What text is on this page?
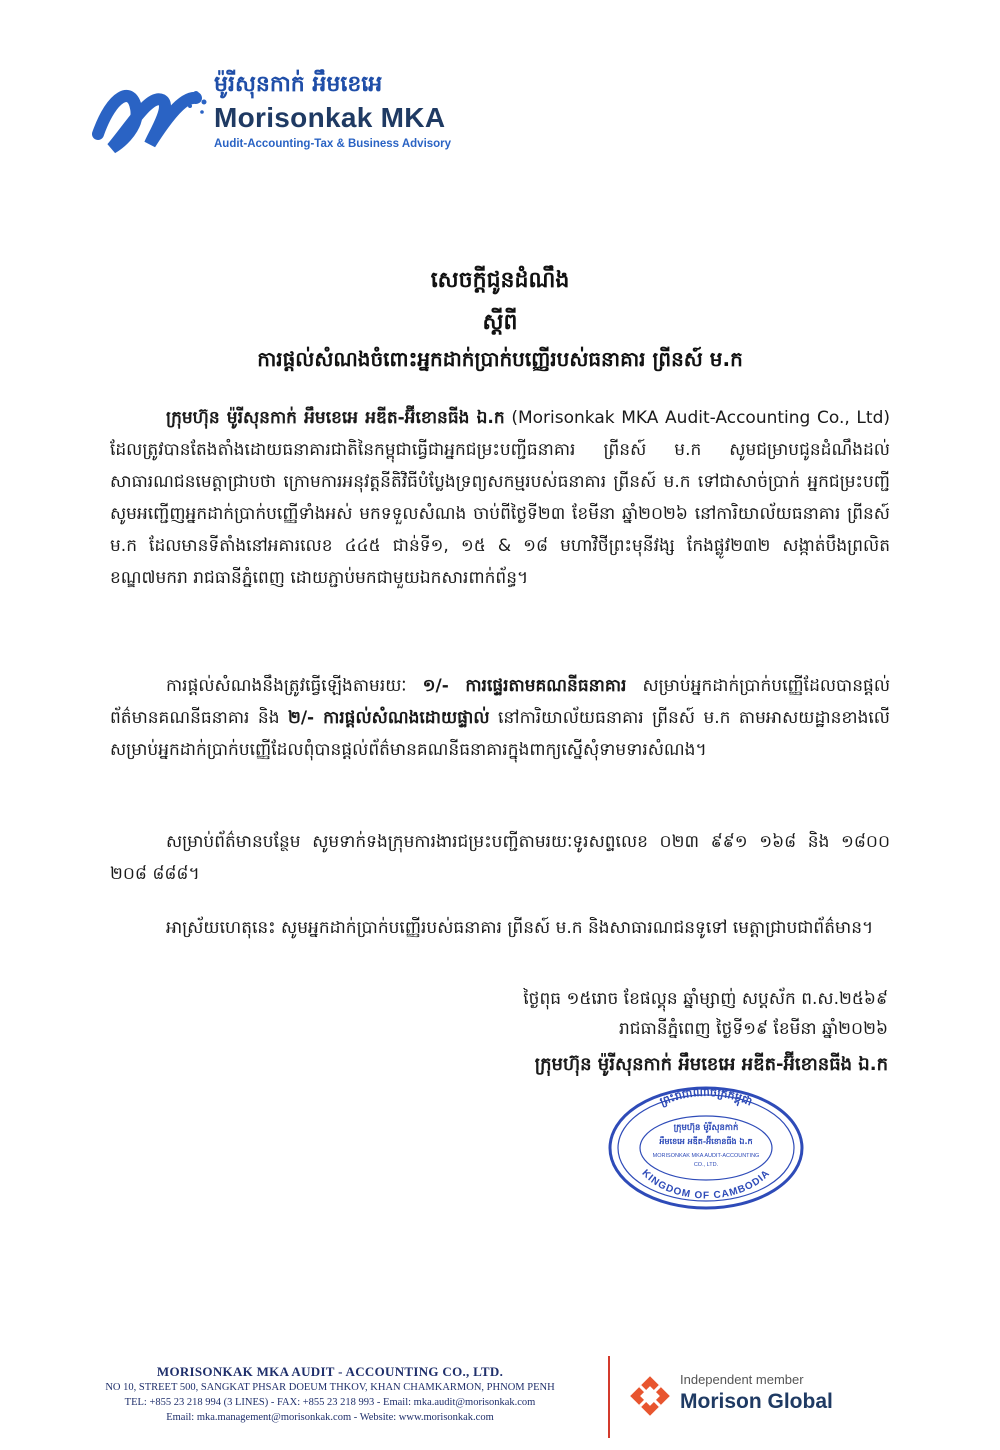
ម៉ូរីសុនកាក់ អឹមខេអេ
Morisonkak MKA
Audit-Accounting-Tax & Business Advisory
សេចក្តីជូនដំណឹង
ស្តីពី
ការផ្តល់សំណងចំពោះអ្នកដាក់ប្រាក់បញ្ញើរបស់ធនាគារ ព្រីនស៍ ម.ក
ក្រុមហ៊ុន ម៉ូរីសុនកាក់ អឹមខេអេ អឌីត-អ៊ីខោនធីង ឯ.ក (Morisonkak MKA Audit-Accounting Co., Ltd) ដែលត្រូវបានតែងតាំងដោយធនាគារជាតិនៃកម្ពុជាធ្វើជាអ្នកជម្រះបញ្ជីធនាគារ ព្រីនស៍ ម.ក សូមជម្រាបជូនដំណឹងដល់សាធារណជនមេត្តាជ្រាបថា ក្រោមការអនុវត្តនីតិវិធីបំប្លែងទ្រព្យសកម្មរបស់ធនាគារ ព្រីនស៍ ម.ក ទៅជាសាច់ប្រាក់ អ្នកជម្រះបញ្ជីសូមអញ្ជើញអ្នកដាក់ប្រាក់បញ្ញើទាំងអស់ មកទទួលសំណង ចាប់ពីថ្ងៃទី២៣ ខែមីនា ឆ្នាំ២០២៦ នៅការិយាល័យធនាគារ ព្រីនស៍ ម.ក ដែលមានទីតាំងនៅអគារលេខ ៤៤៥ ជាន់ទី១, ១៥ & ១៨ មហាវិថីព្រះមុនីវង្ស កែងផ្លូវ២៣២ សង្កាត់បឹងព្រលិត ខណ្ឌ៧មករា រាជធានីភ្នំពេញ ដោយភ្ជាប់មកជាមួយឯកសារពាក់ព័ន្ធ។
ការផ្តល់សំណងនឹងត្រូវធ្វើឡើងតាមរយៈ ១/- ការផ្ទេរតាមគណនីធនាគារ សម្រាប់អ្នកដាក់ប្រាក់បញ្ញើដែលបានផ្តល់ព័ត៌មានគណនីធនាគារ និង ២/- ការផ្តល់សំណងដោយផ្ទាល់ នៅការិយាល័យធនាគារ ព្រីនស៍ ម.ក តាមអាសយដ្ឋានខាងលើ សម្រាប់អ្នកដាក់ប្រាក់បញ្ញើដែលពុំបានផ្តល់ព័ត៌មានគណនីធនាគារក្នុងពាក្យស្នើសុំទាមទារសំណង។
សម្រាប់ព័ត៌មានបន្ថែម សូមទាក់ទងក្រុមការងារជម្រះបញ្ជីតាមរយៈទូរសព្ទលេខ ០២៣ ៩៩១ ១៦៨ និង ១៨០០ ២០៨ ៨៨៨។
អាស្រ័យហេតុនេះ សូមអ្នកដាក់ប្រាក់បញ្ញើរបស់ធនាគារ ព្រីនស៍ ម.ក និងសាធារណជនទូទៅ មេត្តាជ្រាបជាព័ត៌មាន។
ថ្ងៃពុធ ១៥រោច ខែផល្គុន ឆ្នាំម្សាញ់ សប្តស័ក ព.ស.២៥៦៩
រាជធានីភ្នំពេញ ថ្ងៃទី១៩ ខែមីនា ឆ្នាំ២០២៦
ក្រុមហ៊ុន ម៉ូរីសុនកាក់ អឹមខេអេ អឌីត-អ៊ីខោនធីង ឯ.ក
ព្រះរាជាណាចក្រកម្ពុជា
KINGDOM OF CAMBODIA
ក្រុមហ៊ុន ម៉ូរីសុនកាក់
អឹមខេអេ អឌីត-អ៊ីខោនធីង ឯ.ក
MORISONKAK MKA AUDIT-ACCOUNTING
CO., LTD.
MORISONKAK MKA AUDIT - ACCOUNTING CO., LTD.
NO 10, STREET 500, SANGKAT PHSAR DOEUM THKOV, KHAN CHAMKARMON, PHNOM PENH
TEL: +855 23 218 994 (3 LINES) - FAX: +855 23 218 993 - Email: mka.audit@morisonkak.com
Email: mka.management@morisonkak.com - Website: www.morisonkak.com
Independent member
Morison Global
